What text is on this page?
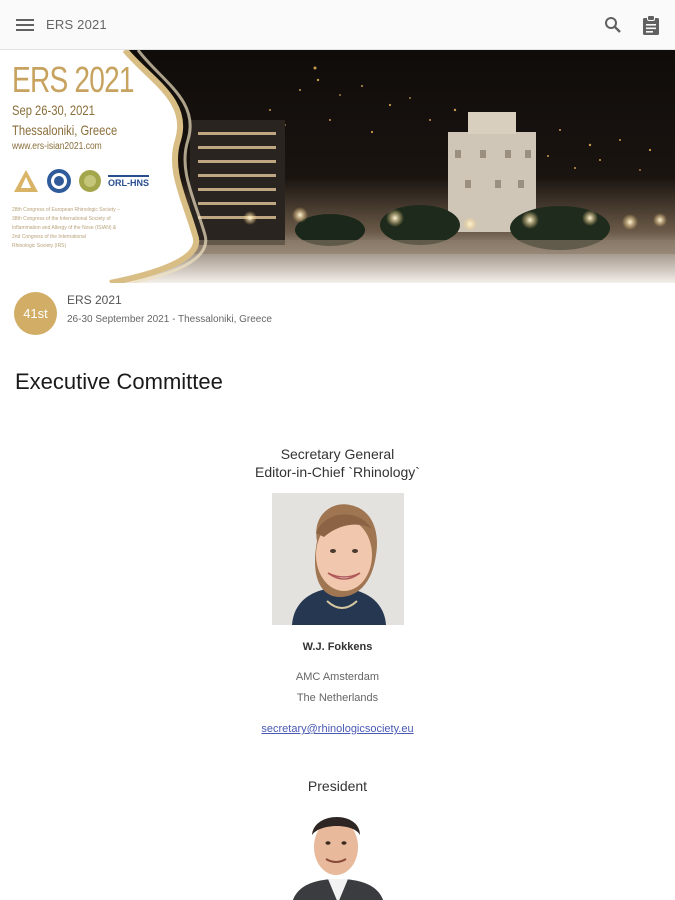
ERS 2021
ERS 2021
Sep 26-30, 2021
Thessaloniki, Greece
www.ers-isian2021.com
ORL-HNS
28th Congress of European Rhinologic Society –
38th Congress of the International Society of
Inflammation and Allergy of the Nose (ISIAN) &
2nd Congress of the International
Rhinologic Society (IRS)
41st
ERS 2021
26-30 September 2021 - Thessaloniki, Greece
Executive Committee
Secretary General
Editor-in-Chief `Rhinology`
W.J. Fokkens
AMC Amsterdam
The Netherlands
secretary@rhinologicsociety.eu
President
